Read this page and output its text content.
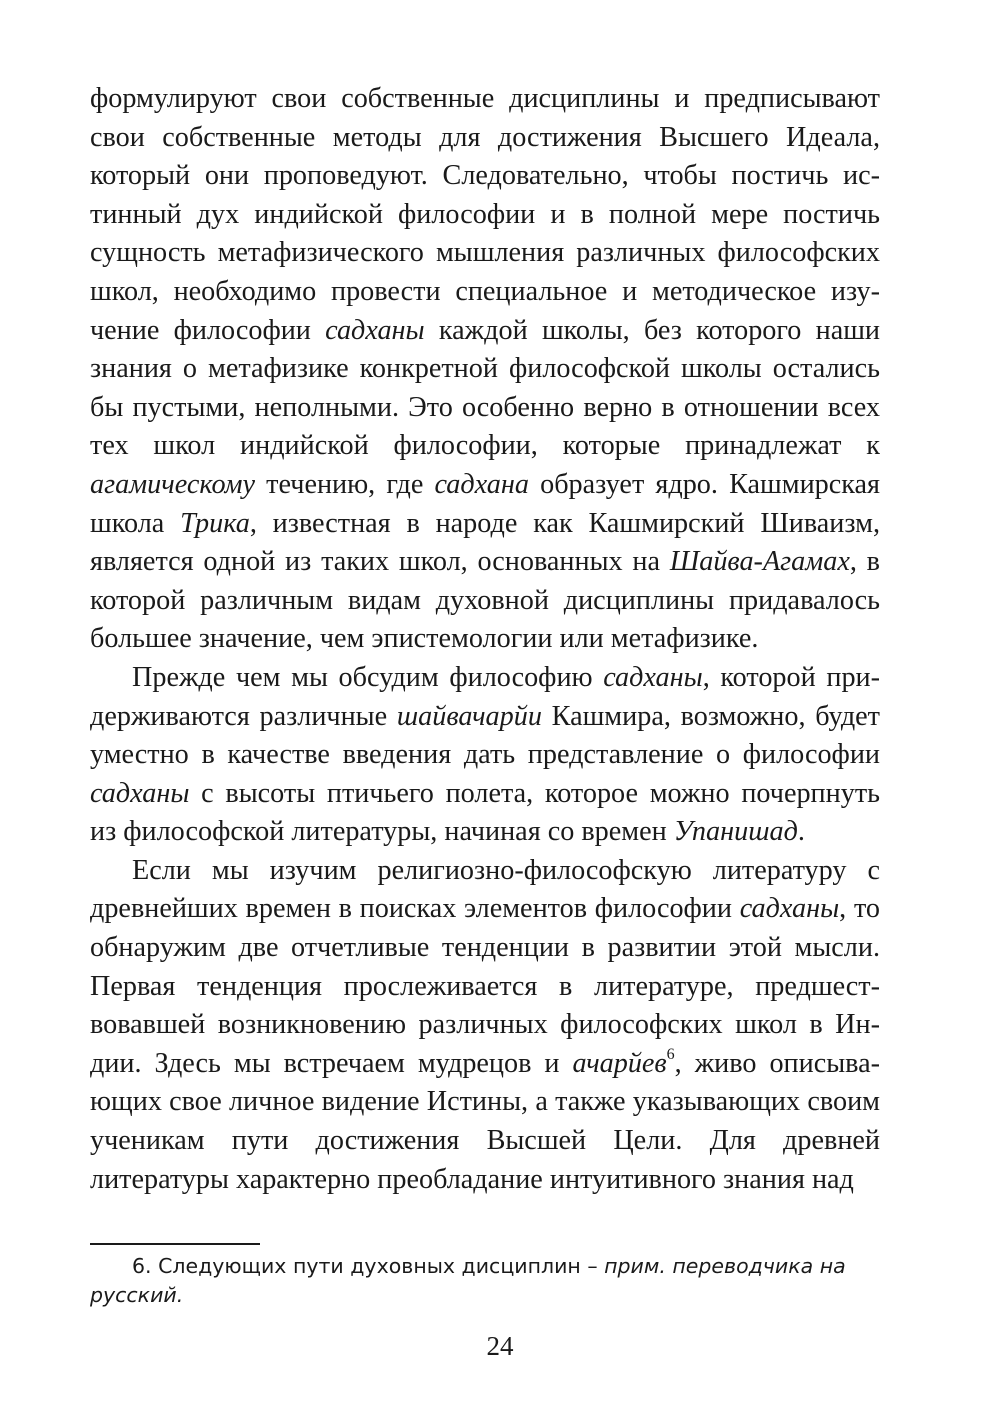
формулируют свои собственные дисциплины и предписывают свои собственные методы для достижения Высшего Идеала, который они проповедуют. Следовательно, чтобы постичь истинный дух индийской философии и в полной мере постичь сущность метафизического мышления различных философских школ, необходимо провести специальное и методическое изучение философии садханы каждой школы, без которого наши знания о метафизике конкретной философской школы остались бы пустыми, неполными. Это особенно верно в отношении всех тех школ индийской философии, которые принадлежат к агамическому течению, где садхана образует ядро. Кашмирская школа Трика, известная в народе как Кашмирский Шиваизм, является одной из таких школ, основанных на Шайва-Агамах, в которой различным видам духовной дисциплины придавалось большее значение, чем эпистемологии или метафизике.

Прежде чем мы обсудим философию садханы, которой придерживаются различные шайвачарйи Кашмира, возможно, будет уместно в качестве введения дать представление о философии садханы с высоты птичьего полета, которое можно почерпнуть из философской литературы, начиная со времен Упанишад.

Если мы изучим религиозно-философскую литературу с древнейших времен в поисках элементов философии садханы, то обнаружим две отчетливые тенденции в развитии этой мысли. Первая тенденция прослеживается в литературе, предшествовавшей возникновению различных философских школ в Индии. Здесь мы встречаем мудрецов и ачарйев$^6$, живо описывающих свое личное видение Истины, а также указывающих своим ученикам пути достижения Высшей Цели. Для древней литературы характерно преобладание интуитивного знания над

6. Следующих пути духовных дисциплин – прим. переводчика на русский.
24
